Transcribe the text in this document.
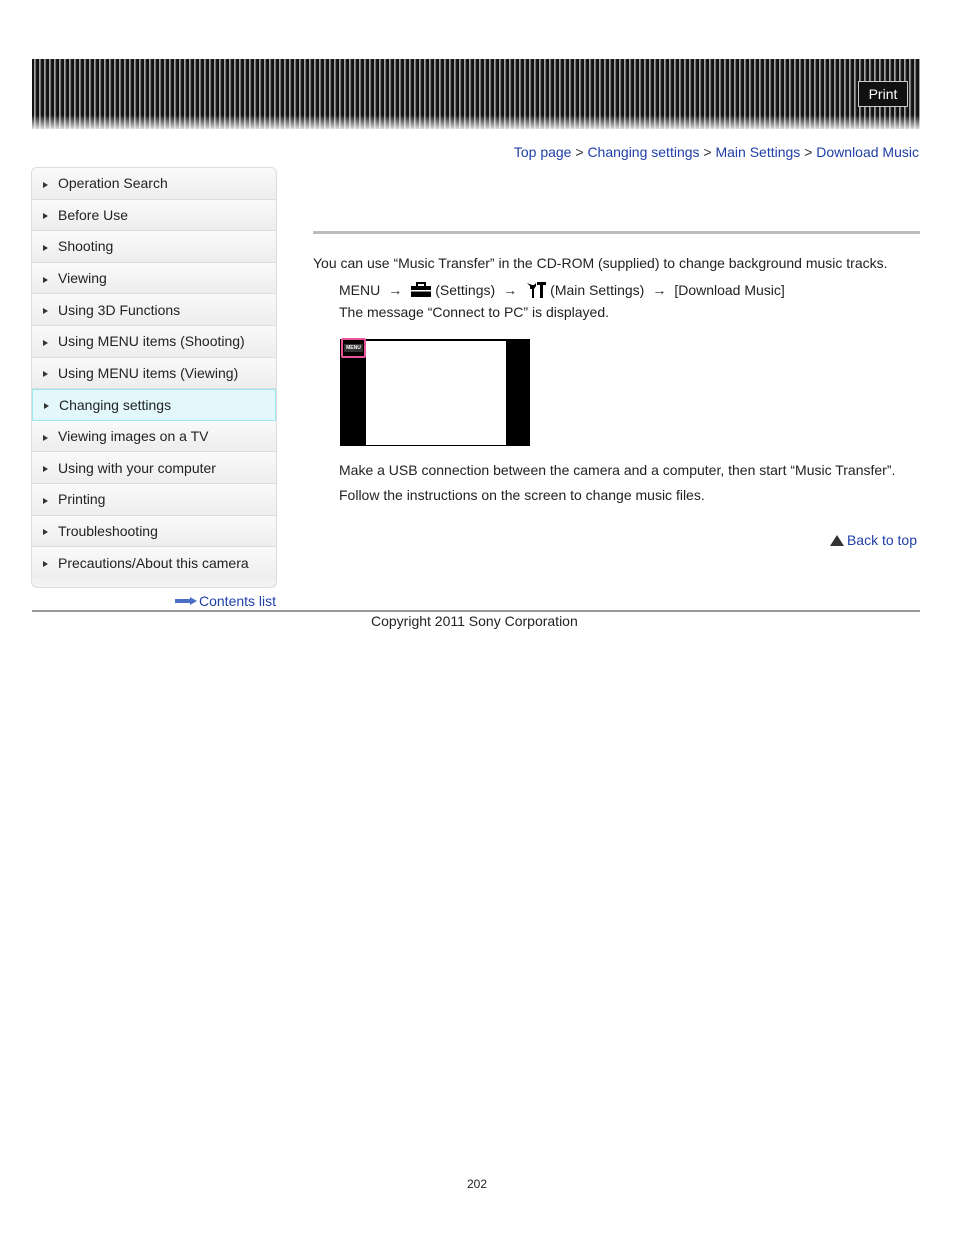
Print
Top page > Changing settings > Main Settings > Download Music
Operation Search
Before Use
Shooting
Viewing
Using 3D Functions
Using MENU items (Shooting)
Using MENU items (Viewing)
Changing settings
Viewing images on a TV
Using with your computer
Printing
Troubleshooting
Precautions/About this camera
Contents list
You can use “Music Transfer” in the CD-ROM (supplied) to change background music tracks.
MENU → (Settings) → (Main Settings) → [Download Music]
The message “Connect to PC” is displayed.
MENU
Make a USB connection between the camera and a computer, then start “Music Transfer”.
Follow the instructions on the screen to change music files.
Back to top
Copyright 2011 Sony Corporation
202
